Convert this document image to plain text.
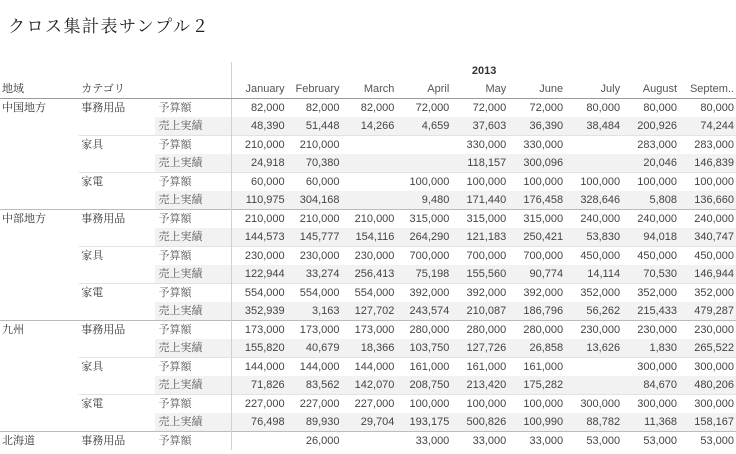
クロス集計表サンプル２
			2013								
地域	カテゴリ		January	February	March	April	May	June	July	August	Septem..
中国地方	事務用品	予算額	82,000	82,000	82,000	72,000	72,000	72,000	80,000	80,000	80,000
		売上実績	48,390	51,448	14,266	4,659	37,603	36,390	38,484	200,926	74,244
	家具	予算額	210,000	210,000			330,000	330,000		283,000	283,000
		売上実績	24,918	70,380			118,157	300,096		20,046	146,839
	家電	予算額	60,000	60,000		100,000	100,000	100,000	100,000	100,000	100,000
		売上実績	110,975	304,168		9,480	171,440	176,458	328,646	5,808	136,660
中部地方	事務用品	予算額	210,000	210,000	210,000	315,000	315,000	315,000	240,000	240,000	240,000
		売上実績	144,573	145,777	154,116	264,290	121,183	250,421	53,830	94,018	340,747
	家具	予算額	230,000	230,000	230,000	700,000	700,000	700,000	450,000	450,000	450,000
		売上実績	122,944	33,274	256,413	75,198	155,560	90,774	14,114	70,530	146,944
	家電	予算額	554,000	554,000	554,000	392,000	392,000	392,000	352,000	352,000	352,000
		売上実績	352,939	3,163	127,702	243,574	210,087	186,796	56,262	215,433	479,287
九州	事務用品	予算額	173,000	173,000	173,000	280,000	280,000	280,000	230,000	230,000	230,000
		売上実績	155,820	40,679	18,366	103,750	127,726	26,858	13,626	1,830	265,522
	家具	予算額	144,000	144,000	144,000	161,000	161,000	161,000		300,000	300,000
		売上実績	71,826	83,562	142,070	208,750	213,420	175,282		84,670	480,206
	家電	予算額	227,000	227,000	227,000	100,000	100,000	100,000	300,000	300,000	300,000
		売上実績	76,498	89,930	29,704	193,175	500,826	100,990	88,782	11,368	158,167
北海道	事務用品	予算額		26,000		33,000	33,000	33,000	53,000	53,000	53,000
